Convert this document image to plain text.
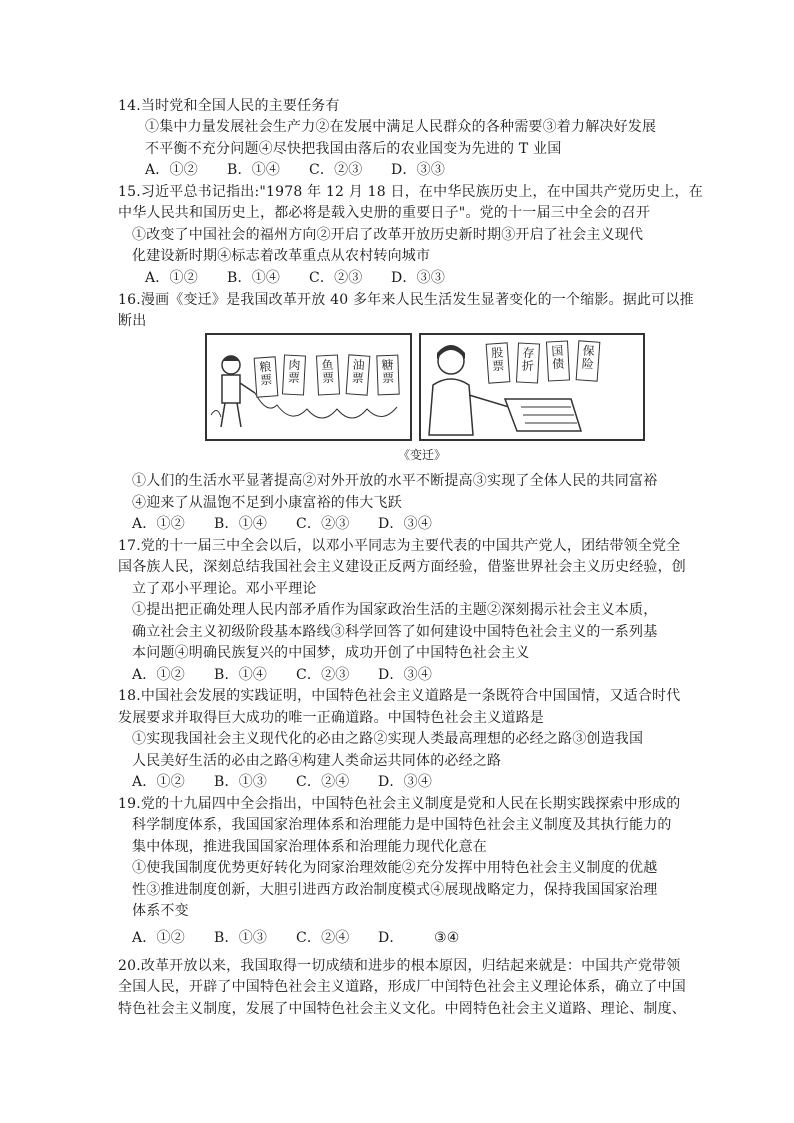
14.当时党和全国人民的主要任务有
①集中力量发展社会生产力②在发展中满足人民群众的各种需要③着力解决好发展
不平衡不充分问题④尽快把我国由落后的农业国变为先进的 T 业国
A．①② B．①④ C．②③ D．③③
15.习近平总书记指出:"1978 年 12 月 18 日，在中华民族历史上，在中国共产党历史上，在
中华人民共和国历史上，都必将是载入史册的重要日子"。党的十一届三中全会的召开
①改变了中国社会的福州方向②开启了改革开放历史新时期③开启了社会主义现代
化建设新时期④标志着改革重点从农村转向城市
A．①② B．①④ C．②③ D．③③
16.漫画《变迁》是我国改革开放 40 多年来人民生活发生显著变化的一个缩影。据此可以推
断出
粮票
肉票
鱼票
油票
糖票
股票
存折
国债
保险
《变迁》
①人们的生活水平显著提高②对外开放的水平不断提高③实现了全体人民的共同富裕
④迎来了从温饱不足到小康富裕的伟大飞跃
A．①② B．①④ C．②③ D．③④
17.党的十一届三中全会以后，以邓小平同志为主要代表的中国共产党人，团结带领全党全
国各族人民，深刻总结我国社会主义建设正反两方面经验，借鉴世界社会主义历史经验，创
立了邓小平理论。邓小平理论
①提出把正确处理人民内部矛盾作为国家政治生活的主题②深刻揭示社会主义本质，
确立社会主义初级阶段基本路线③科学回答了如何建设中国特色社会主义的一系列基
本问题④明确民族复兴的中国梦，成功开创了中国特色社会主义
A．①② B．①④ C．②③ D．③④
18.中国社会发展的实践证明，中国特色社会主义道路是一条既符合中国国情，又适合时代
发展要求并取得巨大成功的唯一正确道路。中国特色社会主义道路是
①实现我国社会主义现代化的必由之路②实现人类最高理想的必经之路③创造我国
人民美好生活的必由之路④构建人类命运共同体的必经之路
A．①② B．①③ C．②④ D．③④
19.党的十九届四中全会指出，中国特色社会主义制度是党和人民在长期实践探索中形成的
科学制度体系，我国国家治理体系和治理能力是中国特色社会主义制度及其执行能力的
集中体现，推进我国国家治理体系和治理能力现代化意在
①使我国制度优势更好转化为冏家治理效能②充分发挥中用特色社会主义制度的优越
性③推进制度创新，大胆引进西方政治制度模式④展现战略定力，保持我国国家治理
体系不变
A．①② B．①③ C．②④ D． ③④
20.改革开放以来，我国取得一切成绩和进步的根本原因，归结起来就是：中国共产党带领
全国人民，开辟了中国特色社会主义道路，形成厂中闰特色社会主义理论体系，确立了中国
特色社会主义制度，发展了中国特色社会主义文化。中罔特色社会主义道路、理论、制度、
